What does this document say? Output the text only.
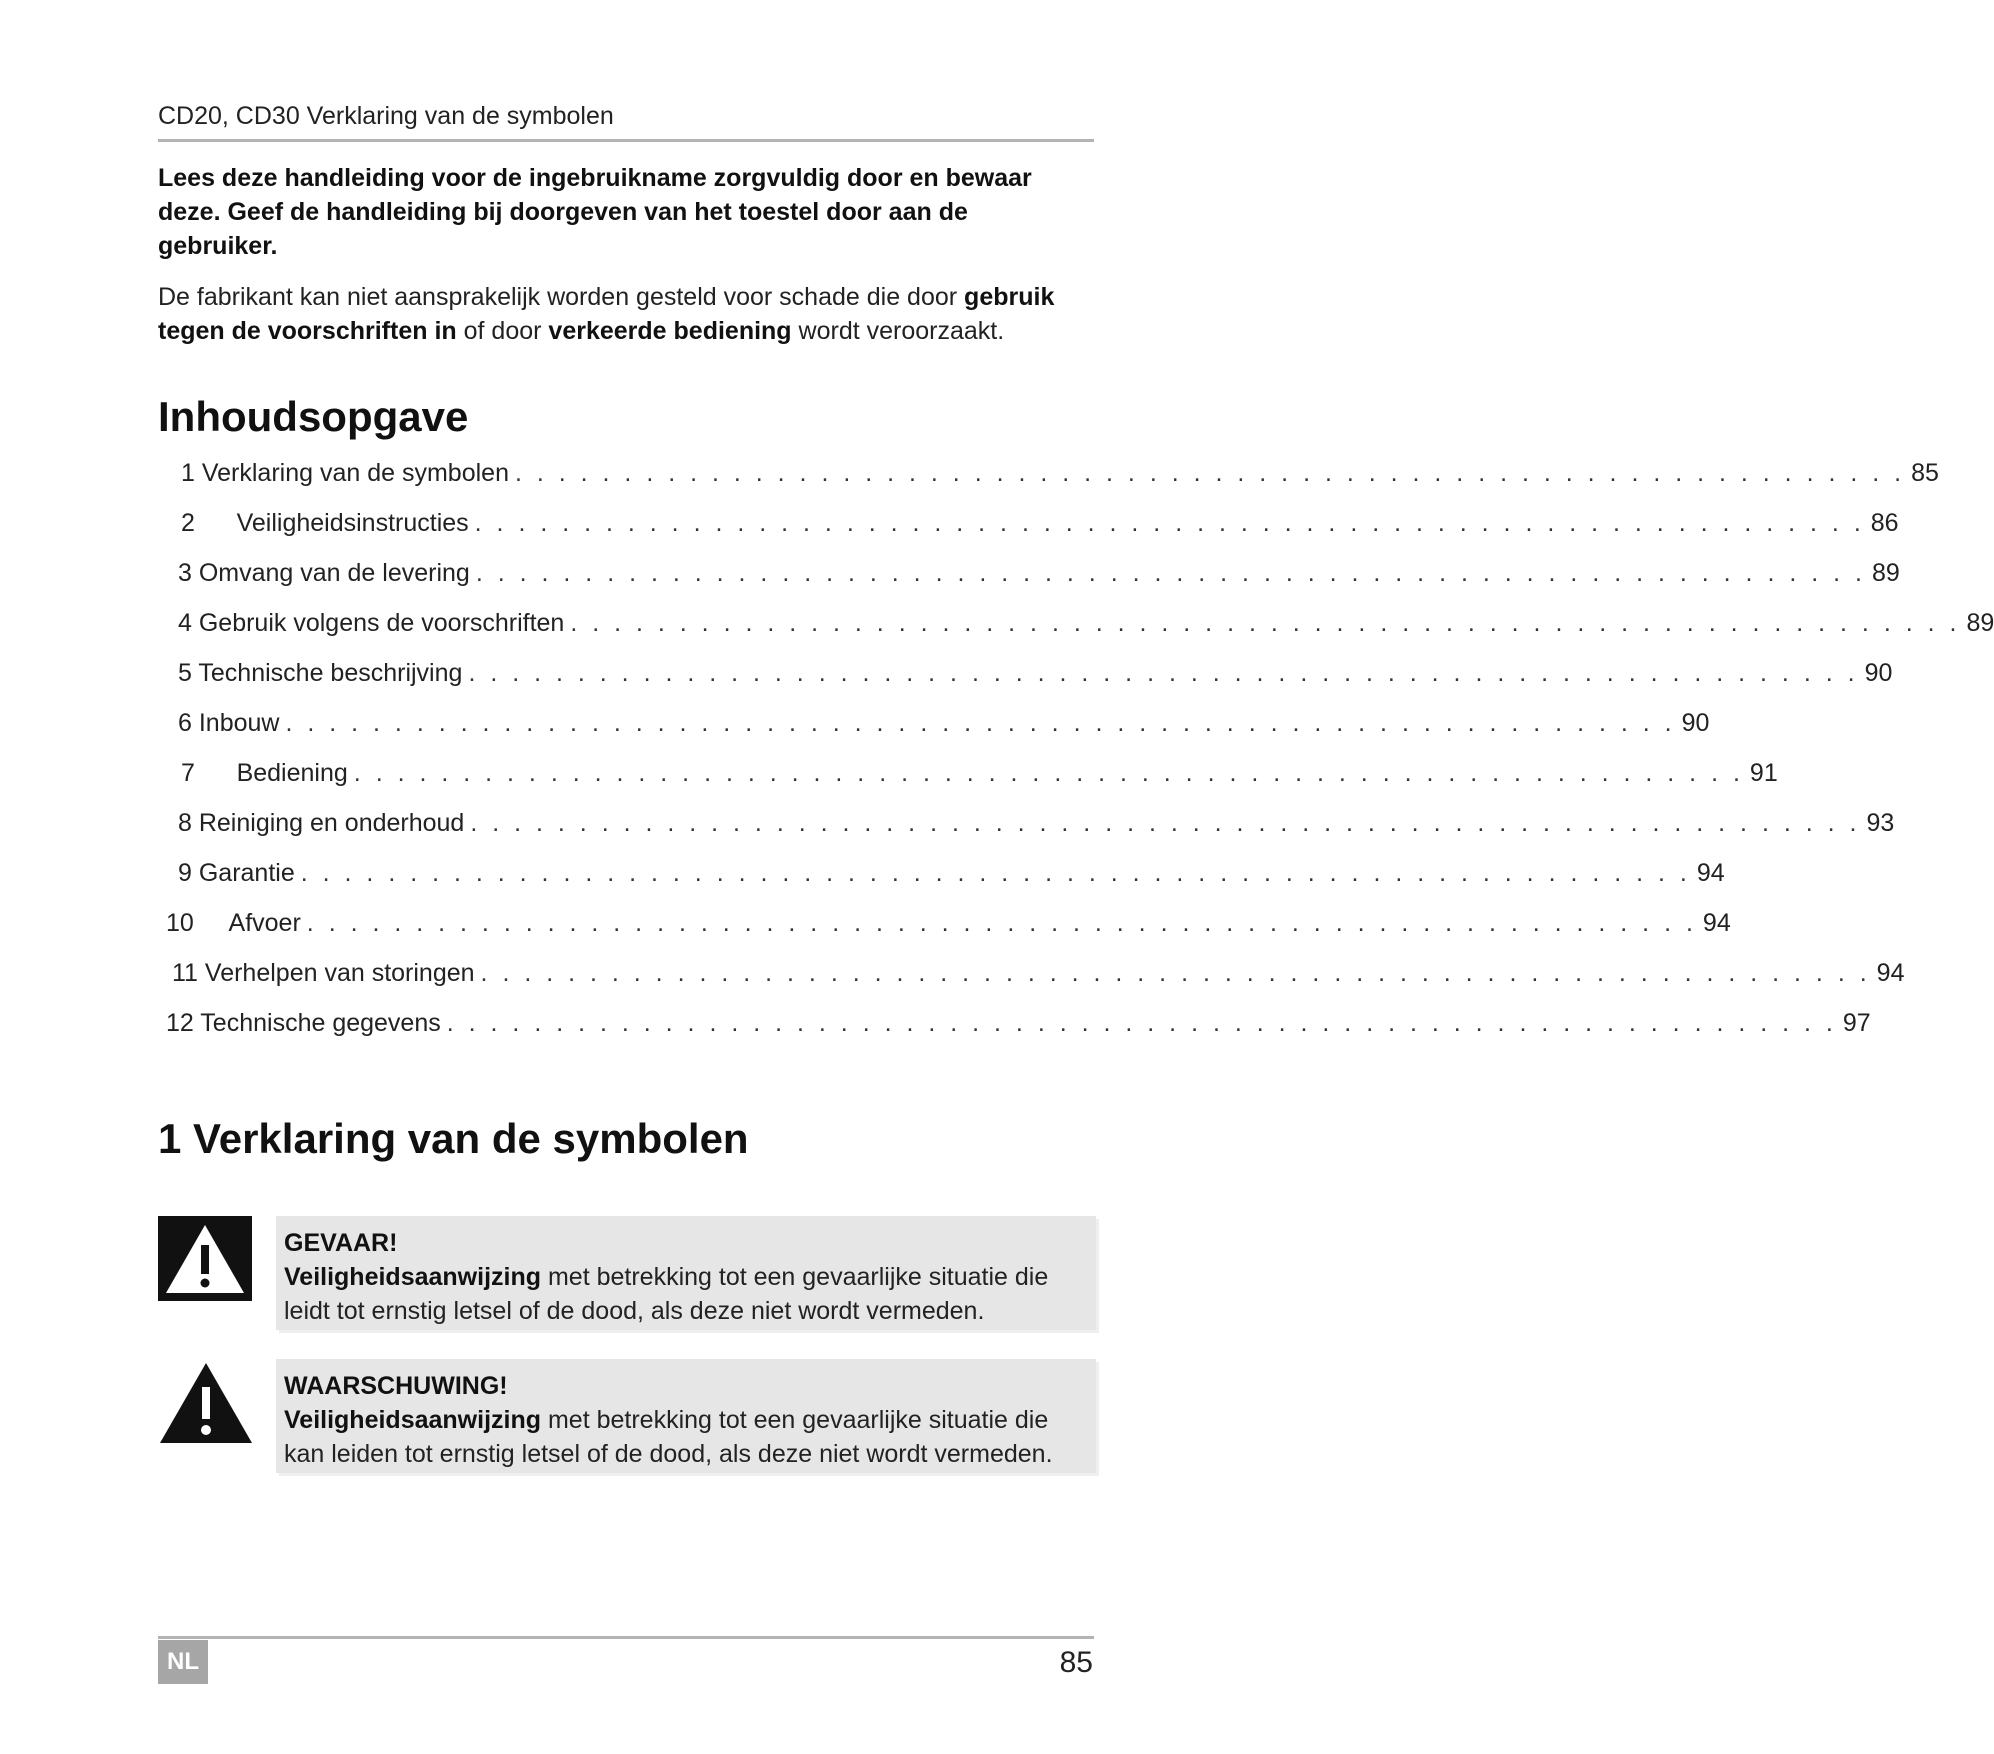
CD20, CD30 Verklaring van de symbolen
Lees deze handleiding voor de ingebruikname zorgvuldig door en bewaar
deze. Geef de handleiding bij doorgeven van het toestel door aan de
gebruiker.
De fabrikant kan niet aansprakelijk worden gesteld voor schade die door gebruik
tegen de voorschriften in of door verkeerde bediening wordt veroorzaakt.
Inhoudsopgave
1 Verklaring van de symbolen . . . . . . . . . . . . . . . . . . . . . . . . . . . . . . . . . . . . . . . . . . . . . . . . . . . . . . . . . . . . . . . . 85
2      Veiligheidsinstructies . . . . . . . . . . . . . . . . . . . . . . . . . . . . . . . . . . . . . . . . . . . . . . . . . . . . . . . . . . . . . . . . 86
3 Omvang van de levering . . . . . . . . . . . . . . . . . . . . . . . . . . . . . . . . . . . . . . . . . . . . . . . . . . . . . . . . . . . . . . . . 89
4 Gebruik volgens de voorschriften . . . . . . . . . . . . . . . . . . . . . . . . . . . . . . . . . . . . . . . . . . . . . . . . . . . . . . . . . . . . . . . . 89
5 Technische beschrijving . . . . . . . . . . . . . . . . . . . . . . . . . . . . . . . . . . . . . . . . . . . . . . . . . . . . . . . . . . . . . . . . 90
6 Inbouw . . . . . . . . . . . . . . . . . . . . . . . . . . . . . . . . . . . . . . . . . . . . . . . . . . . . . . . . . . . . . . . . 90
7      Bediening . . . . . . . . . . . . . . . . . . . . . . . . . . . . . . . . . . . . . . . . . . . . . . . . . . . . . . . . . . . . . . . . 91
8 Reiniging en onderhoud . . . . . . . . . . . . . . . . . . . . . . . . . . . . . . . . . . . . . . . . . . . . . . . . . . . . . . . . . . . . . . . . 93
9 Garantie . . . . . . . . . . . . . . . . . . . . . . . . . . . . . . . . . . . . . . . . . . . . . . . . . . . . . . . . . . . . . . . . 94
10     Afvoer . . . . . . . . . . . . . . . . . . . . . . . . . . . . . . . . . . . . . . . . . . . . . . . . . . . . . . . . . . . . . . . . 94
11 Verhelpen van storingen . . . . . . . . . . . . . . . . . . . . . . . . . . . . . . . . . . . . . . . . . . . . . . . . . . . . . . . . . . . . . . . . 94
12 Technische gegevens . . . . . . . . . . . . . . . . . . . . . . . . . . . . . . . . . . . . . . . . . . . . . . . . . . . . . . . . . . . . . . . . 97
1 Verklaring van de symbolen
GEVAAR!
Veiligheidsaanwijzing met betrekking tot een gevaarlijke situatie die leidt tot ernstig letsel of de dood, als deze niet wordt vermeden.
WAARSCHUWING!
Veiligheidsaanwijzing met betrekking tot een gevaarlijke situatie die kan leiden tot ernstig letsel of de dood, als deze niet wordt vermeden.
NL	85
